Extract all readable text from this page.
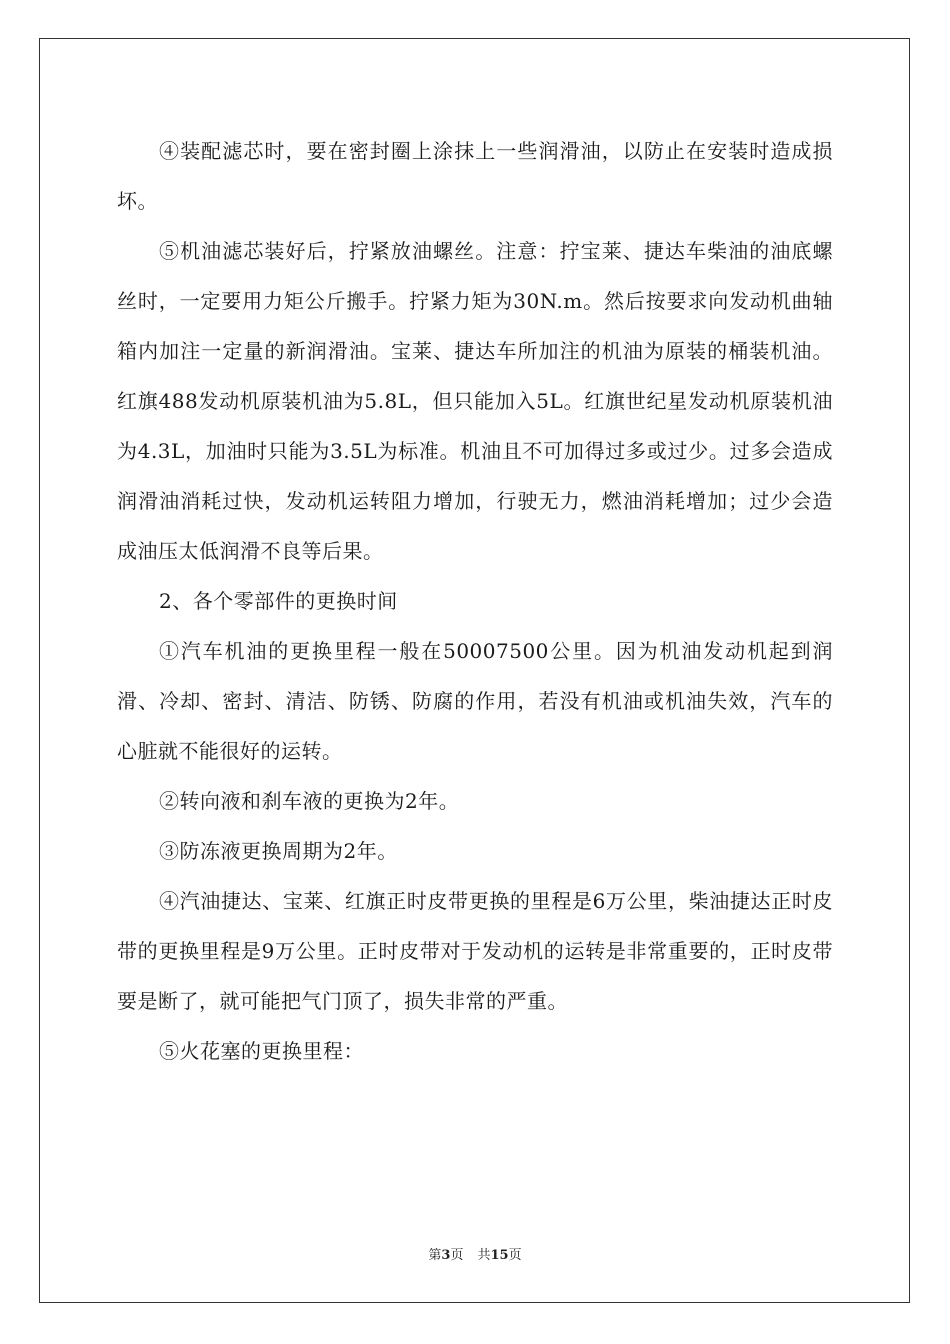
④装配滤芯时，要在密封圈上涂抹上一些润滑油，以防止在安装时造成损坏。

⑤机油滤芯装好后，拧紧放油螺丝。注意：拧宝莱、捷达车柴油的油底螺丝时，一定要用力矩公斤搬手。拧紧力矩为30N.m。然后按要求向发动机曲轴箱内加注一定量的新润滑油。宝莱、捷达车所加注的机油为原装的桶装机油。红旗488发动机原装机油为5.8L，但只能加入5L。红旗世纪星发动机原装机油为4.3L，加油时只能为3.5L为标准。机油且不可加得过多或过少。过多会造成润滑油消耗过快，发动机运转阻力增加，行驶无力，燃油消耗增加；过少会造成油压太低润滑不良等后果。

2、各个零部件的更换时间

①汽车机油的更换里程一般在50007500公里。因为机油发动机起到润滑、冷却、密封、清洁、防锈、防腐的作用，若没有机油或机油失效，汽车的心脏就不能很好的运转。

②转向液和刹车液的更换为2年。

③防冻液更换周期为2年。

④汽油捷达、宝莱、红旗正时皮带更换的里程是6万公里，柴油捷达正时皮带的更换里程是9万公里。正时皮带对于发动机的运转是非常重要的，正时皮带要是断了，就可能把气门顶了，损失非常的严重。

⑤火花塞的更换里程：

第3页 共15页
